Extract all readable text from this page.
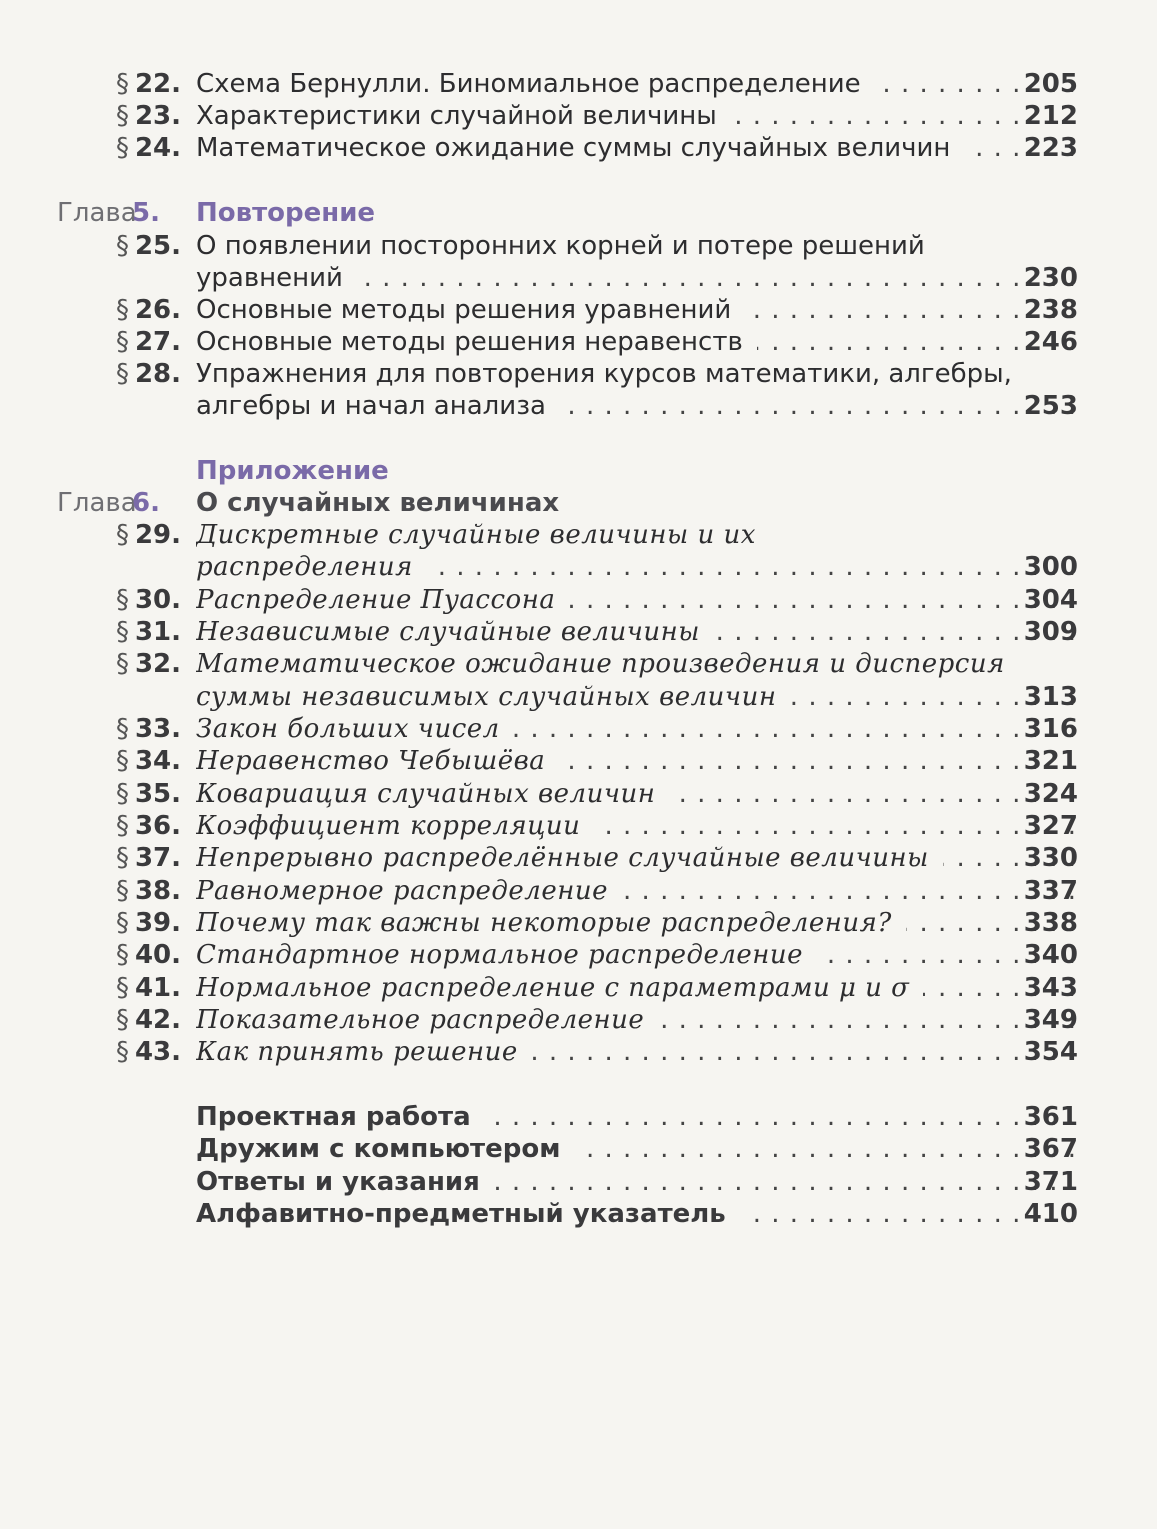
§ 22. Схема Бернулли. Биномиальное распределение . . .	205
§ 23. Характеристики случайной величины . . .	212
§ 24. Математическое ожидание суммы случайных величин . . .	223
Глава
5. Повторение
§ 25. О появлении посторонних корней и потере решений
уравнений . . .	230
§ 26. Основные методы решения уравнений . . .	238
§ 27. Основные методы решения неравенств . . .	246
§ 28. Упражнения для повторения курсов математики, алгебры,
алгебры и начал анализа . . .	253
Приложение
Глава
6. О случайных величинах
§ 29. Дискретные случайные величины и их
распределения . . .	300
§ 30. Распределение Пуассона . . .	304
§ 31. Независимые случайные величины . . .	309
§ 32. Математическое ожидание произведения и дисперсия
суммы независимых случайных величин . . .	313
§ 33. Закон больших чисел . . .	316
§ 34. Неравенство Чебышёва . . .	321
§ 35. Ковариация случайных величин . . .	324
§ 36. Коэффициент корреляции . . .	327
§ 37. Непрерывно распределённые случайные величины . . .	330
§ 38. Равномерное распределение . . .	337
§ 39. Почему так важны некоторые распределения? . . .	338
§ 40. Стандартное нормальное распределение . . .	340
§ 41. Нормальное распределение с параметрами μ и σ . . .	343
§ 42. Показательное распределение . . .	349
§ 43. Как принять решение . . .	354
Проектная работа . . .	361
Дружим с компьютером . . .	367
Ответы и указания . . .	371
Алфавитно-предметный указатель . . .	410
